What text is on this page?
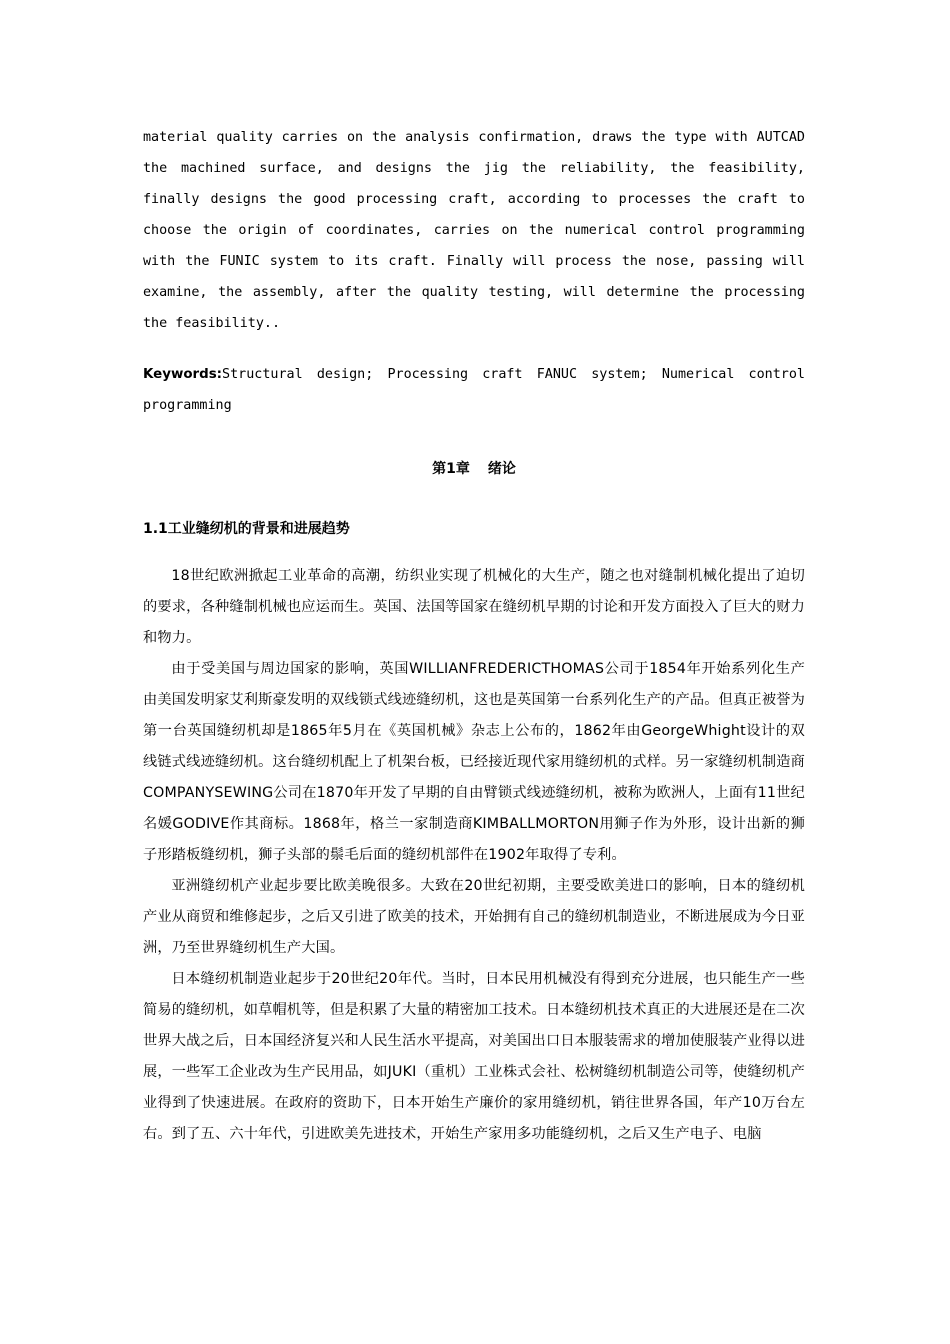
material quality carries on the analysis confirmation, draws the type with AUTCAD the machined surface, and designs the jig the reliability, the feasibility, finally designs the good processing craft, according to processes the craft to choose the origin of coordinates, carries on the numerical control programming with the FUNIC system to its craft. Finally will process the nose, passing will examine, the assembly, after the quality testing, will determine the processing the feasibility..

Keywords:Structural design; Processing craft FANUC system; Numerical control programming

第1章 绪论
1.1工业缝纫机的背景和进展趋势

18世纪欧洲掀起工业革命的高潮，纺织业实现了机械化的大生产，随之也对缝制机械化提出了迫切的要求，各种缝制机械也应运而生。英国、法国等国家在缝纫机早期的讨论和开发方面投入了巨大的财力和物力。

由于受美国与周边国家的影响，英国WILLIANFREDERICTHOMAS公司于1854年开始系列化生产由美国发明家艾利斯豪发明的双线锁式线迹缝纫机，这也是英国第一台系列化生产的产品。但真正被誉为第一台英国缝纫机却是1865年5月在《英国机械》杂志上公布的，1862年由GeorgeWhight设计的双线链式线迹缝纫机。这台缝纫机配上了机架台板，已经接近现代家用缝纫机的式样。另一家缝纫机制造商COMPANYSEWING公司在1870年开发了早期的自由臂锁式线迹缝纫机，被称为欧洲人，上面有11世纪名媛GODIVE作其商标。1868年，格兰一家制造商KIMBALLMORTON用狮子作为外形，设计出新的狮子形踏板缝纫机，狮子头部的鬃毛后面的缝纫机部件在1902年取得了专利。

亚洲缝纫机产业起步要比欧美晚很多。大致在20世纪初期，主要受欧美进口的影响，日本的缝纫机产业从商贸和维修起步，之后又引进了欧美的技术，开始拥有自己的缝纫机制造业，不断进展成为今日亚洲，乃至世界缝纫机生产大国。

日本缝纫机制造业起步于20世纪20年代。当时，日本民用机械没有得到充分进展，也只能生产一些简易的缝纫机，如草帽机等，但是积累了大量的精密加工技术。日本缝纫机技术真正的大进展还是在二次世界大战之后，日本国经济复兴和人民生活水平提高，对美国出口日本服装需求的增加使服装产业得以进展，一些军工企业改为生产民用品，如JUKI（重机）工业株式会社、松树缝纫机制造公司等，使缝纫机产业得到了快速进展。在政府的资助下，日本开始生产廉价的家用缝纫机，销往世界各国，年产10万台左右。到了五、六十年代，引进欧美先进技术，开始生产家用多功能缝纫机，之后又生产电子、电脑
